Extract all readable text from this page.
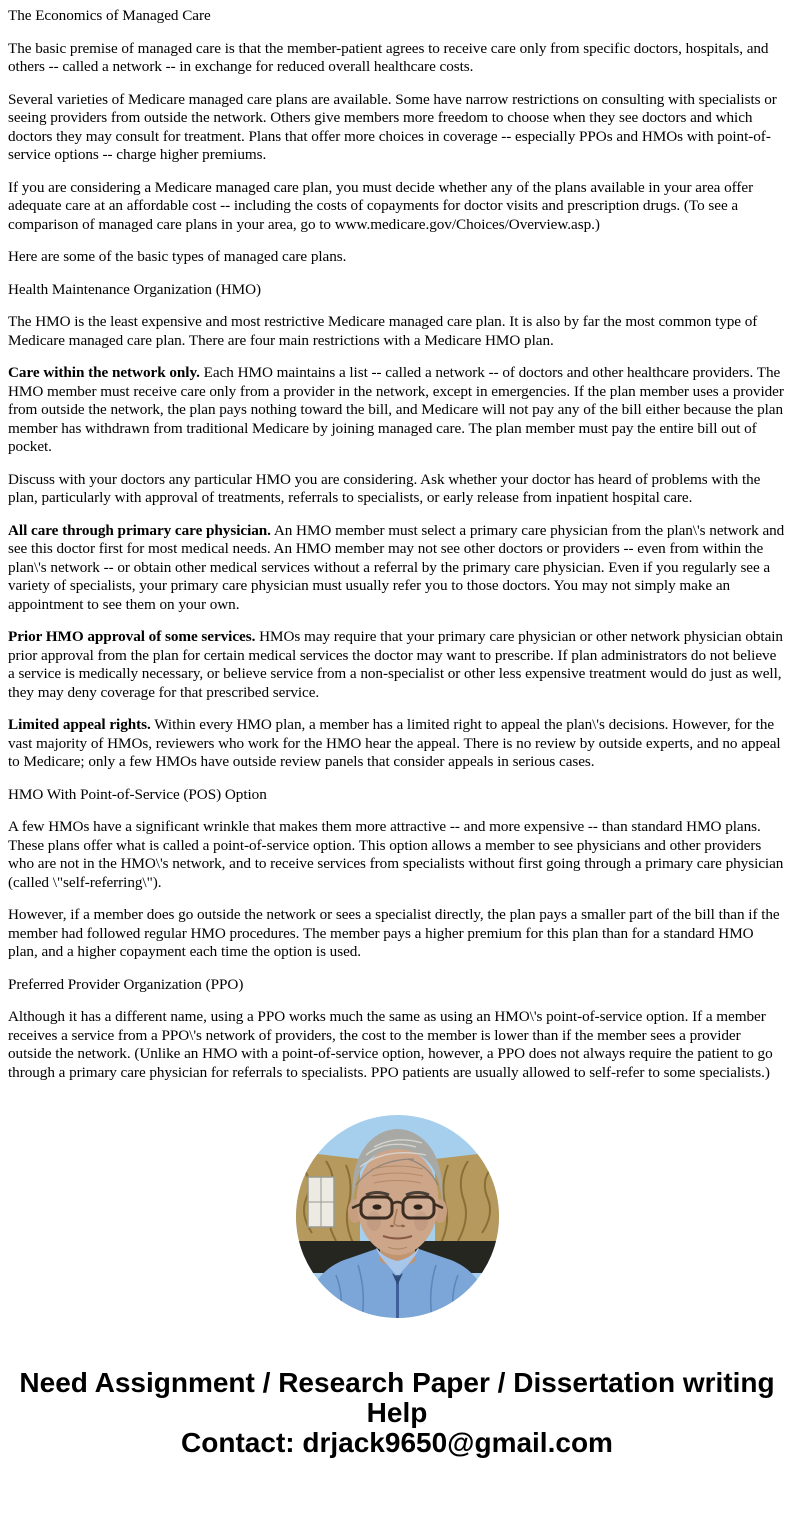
The Economics of Managed Care

The basic premise of managed care is that the member-patient agrees to receive care only from specific doctors, hospitals, and others -- called a network -- in exchange for reduced overall healthcare costs.

Several varieties of Medicare managed care plans are available. Some have narrow restrictions on consulting with specialists or seeing providers from outside the network. Others give members more freedom to choose when they see doctors and which doctors they may consult for treatment. Plans that offer more choices in coverage -- especially PPOs and HMOs with point-of-service options -- charge higher premiums.

If you are considering a Medicare managed care plan, you must decide whether any of the plans available in your area offer adequate care at an affordable cost -- including the costs of copayments for doctor visits and prescription drugs. (To see a comparison of managed care plans in your area, go to www.medicare.gov/Choices/Overview.asp.)

Here are some of the basic types of managed care plans.

Health Maintenance Organization (HMO)

The HMO is the least expensive and most restrictive Medicare managed care plan. It is also by far the most common type of Medicare managed care plan. There are four main restrictions with a Medicare HMO plan.

Care within the network only. Each HMO maintains a list -- called a network -- of doctors and other healthcare providers. The HMO member must receive care only from a provider in the network, except in emergencies. If the plan member uses a provider from outside the network, the plan pays nothing toward the bill, and Medicare will not pay any of the bill either because the plan member has withdrawn from traditional Medicare by joining managed care. The plan member must pay the entire bill out of pocket.

Discuss with your doctors any particular HMO you are considering. Ask whether your doctor has heard of problems with the plan, particularly with approval of treatments, referrals to specialists, or early release from inpatient hospital care.

All care through primary care physician. An HMO member must select a primary care physician from the plan\'s network and see this doctor first for most medical needs. An HMO member may not see other doctors or providers -- even from within the plan\'s network -- or obtain other medical services without a referral by the primary care physician. Even if you regularly see a variety of specialists, your primary care physician must usually refer you to those doctors. You may not simply make an appointment to see them on your own.

Prior HMO approval of some services. HMOs may require that your primary care physician or other network physician obtain prior approval from the plan for certain medical services the doctor may want to prescribe. If plan administrators do not believe a service is medically necessary, or believe service from a non-specialist or other less expensive treatment would do just as well, they may deny coverage for that prescribed service.

Limited appeal rights. Within every HMO plan, a member has a limited right to appeal the plan\'s decisions. However, for the vast majority of HMOs, reviewers who work for the HMO hear the appeal. There is no review by outside experts, and no appeal to Medicare; only a few HMOs have outside review panels that consider appeals in serious cases.

HMO With Point-of-Service (POS) Option

A few HMOs have a significant wrinkle that makes them more attractive -- and more expensive -- than standard HMO plans. These plans offer what is called a point-of-service option. This option allows a member to see physicians and other providers who are not in the HMO\'s network, and to receive services from specialists without first going through a primary care physician (called \"self-referring\").

However, if a member does go outside the network or sees a specialist directly, the plan pays a smaller part of the bill than if the member had followed regular HMO procedures. The member pays a higher premium for this plan than for a standard HMO plan, and a higher copayment each time the option is used.

Preferred Provider Organization (PPO)

Although it has a different name, using a PPO works much the same as using an HMO\'s point-of-service option. If a member receives a service from a PPO\'s network of providers, the cost to the member is lower than if the member sees a provider outside the network. (Unlike an HMO with a point-of-service option, however, a PPO does not always require the patient to go through a primary care physician for referrals to specialists. PPO patients are usually allowed to self-refer to some specialists.)

Need Assignment / Research Paper / Dissertation writing Help
Contact: drjack9650@gmail.com
